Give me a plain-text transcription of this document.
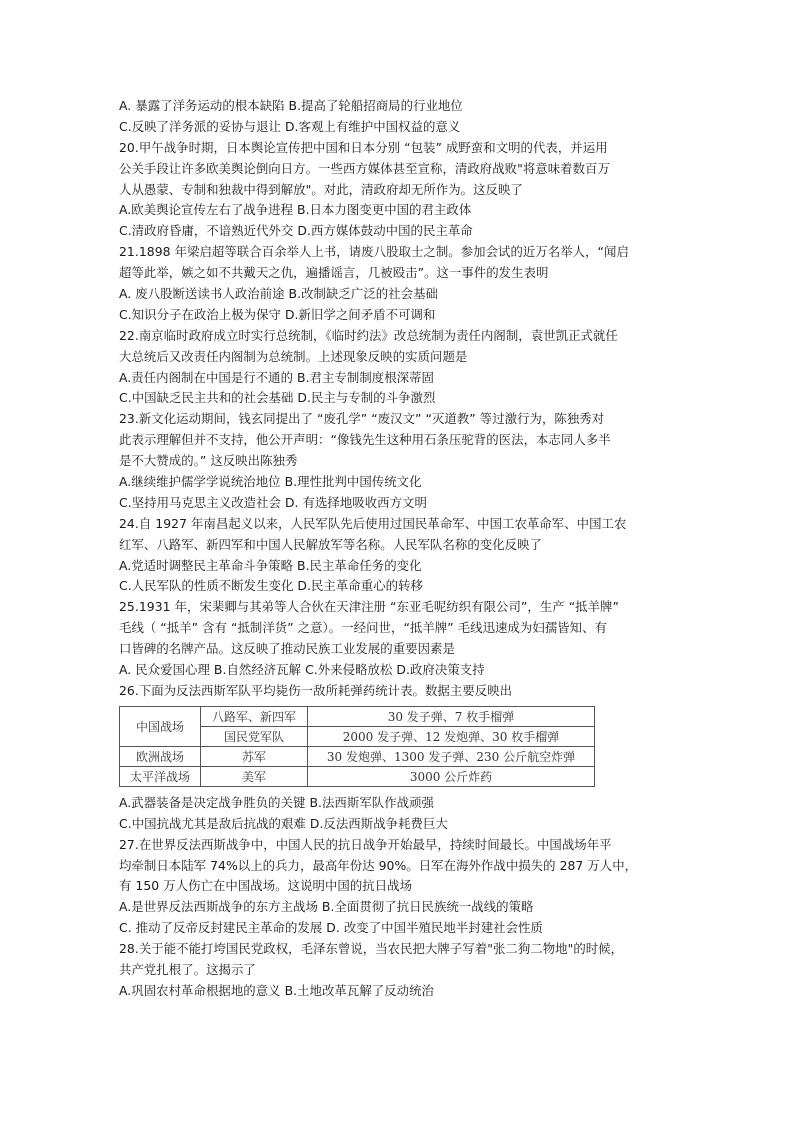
A. 暴露了洋务运动的根本缺陷 B.提高了轮船招商局的行业地位
C.反映了洋务派的妥协与退让 D.客观上有维护中国权益的意义
20.甲午战争时期，日本舆论宣传把中国和日本分别 “包装” 成野蛮和文明的代表，并运用
公关手段让许多欧美舆论倒向日方。一些西方媒体甚至宣称，清政府战败"将意味着数百万
人从愚蒙、专制和独裁中得到解放"。对此，清政府却无所作为。这反映了
A.欧美舆论宣传左右了战争进程 B.日本力图变更中国的君主政体
C.清政府昏庸，不谙熟近代外交 D.西方媒体鼓动中国的民主革命
21.1898 年梁启超等联合百余举人上书，请废八股取士之制。参加会试的近万名举人，“闻启
超等此举，嫉之如不共戴天之仇，遍播谣言，几被殴击”。这一事件的发生表明
A. 废八股断送读书人政治前途 B.改制缺乏广泛的社会基础
C.知识分子在政治上极为保守 D.新旧学之间矛盾不可调和
22.南京临时政府成立时实行总统制，《临时约法》改总统制为责任内阁制，袁世凯正式就任
大总统后又改责任内阁制为总统制。上述现象反映的实质问题是
A.责任内阁制在中国是行不通的 B.君主专制制度根深蒂固
C.中国缺乏民主共和的社会基础 D.民主与专制的斗争激烈
23.新文化运动期间，钱玄同提出了 “废孔学” “废汉文” “灭道教” 等过激行为，陈独秀对
此表示理解但并不支持，他公开声明：“像钱先生这种用石条压驼背的医法，本志同人多半
是不大赞成的。” 这反映出陈独秀
A.继续维护儒学学说统治地位 B.理性批判中国传统文化
C.坚持用马克思主义改造社会 D. 有选择地吸收西方文明
24.自 1927 年南昌起义以来，人民军队先后使用过国民革命军、中国工农革命军、中国工农
红军、八路军、新四军和中国人民解放军等名称。人民军队名称的变化反映了
A.党适时调整民主革命斗争策略 B.民主革命任务的变化
C.人民军队的性质不断发生变化 D.民主革命重心的转移
25.1931 年，宋棐卿与其弟等人合伙在天津注册 “东亚毛呢纺织有限公司”，生产 “抵羊牌”
毛线（ “抵羊” 含有 “抵制洋货” 之意）。一经问世，“抵羊牌” 毛线迅速成为妇孺皆知、有
口皆碑的名牌产品。这反映了推动民族工业发展的重要因素是
A. 民众爱国心理 B.自然经济瓦解 C.外来侵略放松 D.政府决策支持
26.下面为反法西斯军队平均毙伤一敌所耗弹药统计表。数据主要反映出
中国战场	八路军、新四军	30 发子弹、7 枚手榴弹
	国民党军队	2000 发子弹、12 发炮弹、30 枚手榴弹
欧洲战场	苏军	30 发炮弹、1300 发子弹、230 公斤航空炸弹
太平洋战场	美军	3000 公斤炸药
A.武器装备是决定战争胜负的关键 B.法西斯军队作战顽强
C.中国抗战尤其是敌后抗战的艰难 D.反法西斯战争耗费巨大
27.在世界反法西斯战争中，中国人民的抗日战争开始最早，持续时间最长。中国战场年平
均牵制日本陆军 74%以上的兵力，最高年份达 90%。日军在海外作战中损失的 287 万人中，
有 150 万人伤亡在中国战场。这说明中国的抗日战场
A.是世界反法西斯战争的东方主战场 B.全面贯彻了抗日民族统一战线的策略
C. 推动了反帝反封建民主革命的发展 D. 改变了中国半殖民地半封建社会性质
28.关于能不能打垮国民党政权，毛泽东曾说，当农民把大牌子写着"张二狗二物地"的时候，
共产党扎根了。这揭示了
A.巩固农村革命根据地的意义 B.土地改革瓦解了反动统治
